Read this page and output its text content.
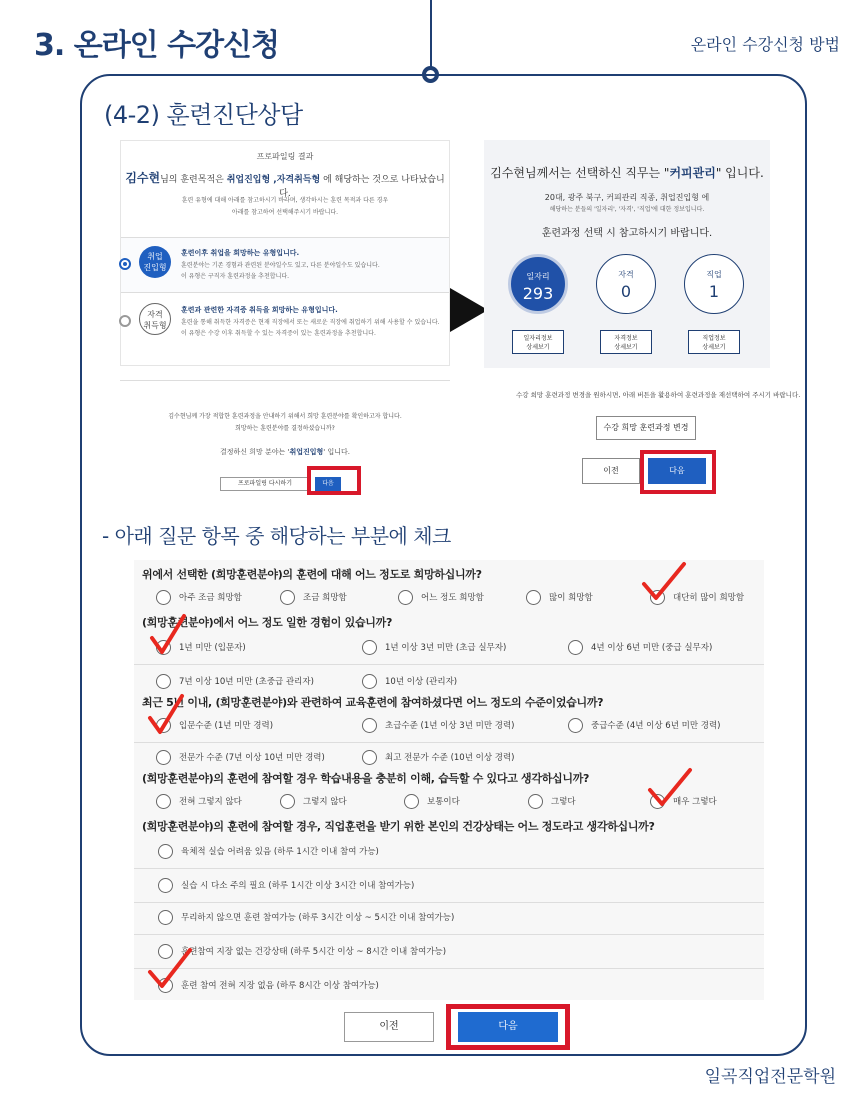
3. 온라인 수강신청	온라인 수강신청 방법
(4-2) 훈련진단상담
프로파일링 결과
김수현님의 훈련목적은 취업진입형 ,자격취득형 에 해당하는 것으로 나타났습니다.
훈련 유형에 대해 아래를 참고하시기 바라며, 생각하시는 훈련 목적과 다른 경우
아래를 참고하여 선택해주시기 바랍니다.
취업
진입형
훈련이후 취업을 희망하는 유형입니다.
훈련분야는 기존 경험과 관련된 분야일수도 있고, 다른 분야일수도 있습니다.
이 유형은 구직자 훈련과정을 추천합니다.
자격
취득형
훈련과 관련한 자격증 취득을 희망하는 유형입니다.
훈련을 통해 취득한 자격증은 현재 직장에서 또는 새로운 직장에 취업하기 위해 사용할 수 있습니다.
이 유형은 수강 이후 취득할 수 있는 자격증이 있는 훈련과정을 추천합니다.
김수현님께 가장 적합한 훈련과정을 안내하기 위해서 희망 훈련분야를 확인하고자 합니다.
희망하는 훈련분야를 결정하셨습니까?
결정하신 희망 분야는 '취업진입형' 입니다.
프로파일링 다시하기	다음
김수현님께서는 선택하신 직무는 "커피관리" 입니다.
20대, 광주 북구, 커피관리 직종, 취업진입형 에
해당하는 분들의 '일자리', '자격', '직업'에 대한 정보입니다.
훈련과정 선택 시 참고하시기 바랍니다.
일자리
293
자격
0
직업
1
일자리정보
상세보기
자격정보
상세보기
직업정보
상세보기
수강 희망 훈련과정 변경을 원하시면, 아래 버튼을 활용하여 훈련과정을 재선택하여 주시기 바랍니다.
수강 희망 훈련과정 변경
이전	다음
- 아래 질문 항목 중 해당하는 부분에 체크
위에서 선택한 (희망훈련분야)의 훈련에 대해 어느 정도로 희망하십니까?
아주 조금 희망함	조금 희망함	어느 정도 희망함	많이 희망함	대단히 많이 희망함
(희망훈련분야)에서 어느 정도 일한 경험이 있습니까?
1년 미만 (입문자)	1년 이상 3년 미만 (초급 실무자)	4년 이상 6년 미만 (중급 실무자)
7년 이상 10년 미만 (초중급 관리자)	10년 이상 (관리자)
최근 5년 이내, (희망훈련분야)와 관련하여 교육훈련에 참여하셨다면 어느 정도의 수준이었습니까?
입문수준 (1년 미만 경력)	초급수준 (1년 이상 3년 미만 경력)	중급수준 (4년 이상 6년 미만 경력)
전문가 수준 (7년 이상 10년 미만 경력)	최고 전문가 수준 (10년 이상 경력)
(희망훈련분야)의 훈련에 참여할 경우 학습내용을 충분히 이해, 습득할 수 있다고 생각하십니까?
전혀 그렇지 않다	그렇지 않다	보통이다	그렇다	매우 그렇다
(희망훈련분야)의 훈련에 참여할 경우, 직업훈련을 받기 위한 본인의 건강상태는 어느 정도라고 생각하십니까?
육체적 실습 어려움 있음 (하루 1시간 이내 참여 가능)
실습 시 다소 주의 필요 (하루 1시간 이상 3시간 이내 참여가능)
무리하지 않으면 훈련 참여가능 (하루 3시간 이상 ~ 5시간 이내 참여가능)
훈련참여 지장 없는 건강상태 (하루 5시간 이상 ~ 8시간 이내 참여가능)
훈련 참여 전혀 지장 없음 (하루 8시간 이상 참여가능)
이전	다음
일곡직업전문학원
